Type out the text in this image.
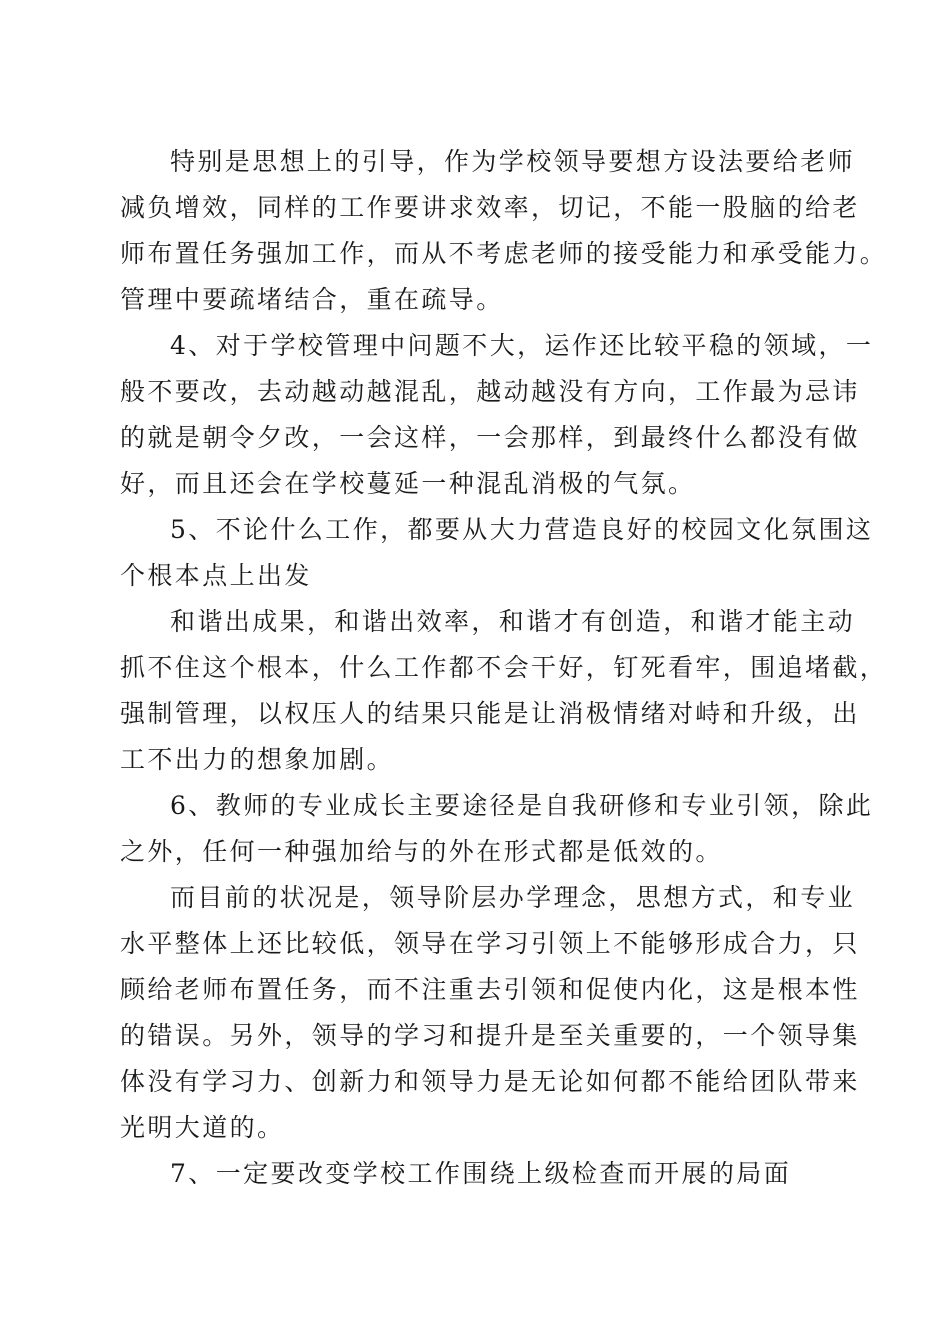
特别是思想上的引导，作为学校领导要想方设法要给老师
减负增效，同样的工作要讲求效率，切记，不能一股脑的给老
师布置任务强加工作，而从不考虑老师的接受能力和承受能力。
管理中要疏堵结合，重在疏导。
4、对于学校管理中问题不大，运作还比较平稳的领域，一
般不要改，去动越动越混乱，越动越没有方向，工作最为忌讳
的就是朝令夕改，一会这样，一会那样，到最终什么都没有做
好，而且还会在学校蔓延一种混乱消极的气氛。
5、不论什么工作，都要从大力营造良好的校园文化氛围这
个根本点上出发
和谐出成果，和谐出效率，和谐才有创造，和谐才能主动
抓不住这个根本，什么工作都不会干好，钉死看牢，围追堵截，
强制管理，以权压人的结果只能是让消极情绪对峙和升级，出
工不出力的想象加剧。
6、教师的专业成长主要途径是自我研修和专业引领，除此
之外，任何一种强加给与的外在形式都是低效的。
而目前的状况是，领导阶层办学理念，思想方式，和专业
水平整体上还比较低，领导在学习引领上不能够形成合力，只
顾给老师布置任务，而不注重去引领和促使内化，这是根本性
的错误。另外，领导的学习和提升是至关重要的，一个领导集
体没有学习力、创新力和领导力是无论如何都不能给团队带来
光明大道的。
7、一定要改变学校工作围绕上级检查而开展的局面
